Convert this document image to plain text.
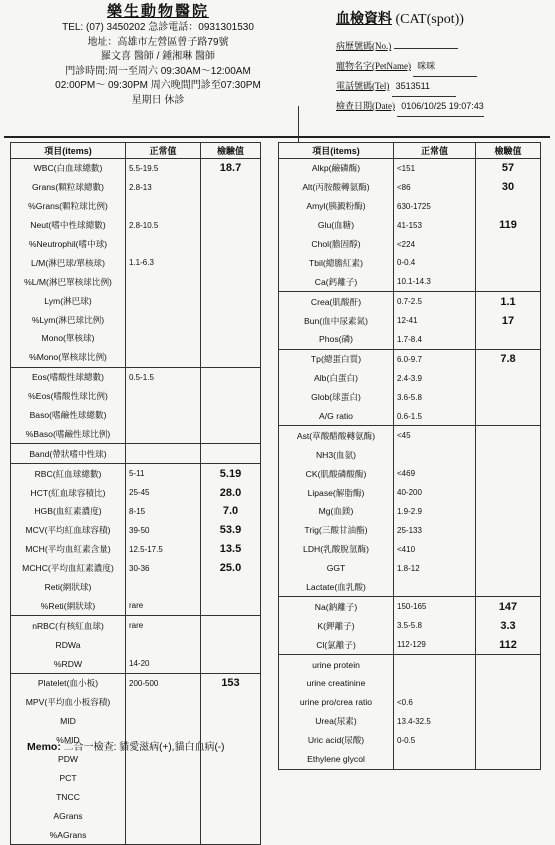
樂生動物醫院
TEL: (07) 3450202 急診電話：0931301530
地址：高雄市左營區曾子路79號
羅文喜 醫師 / 鍾湘琳 醫師
門診時間:周一至周六 09:30AM～12:00AM
02:00PM～ 09:30PM 周六晚間門診至07:30PM
星期日 休診
血檢資料 (CAT(spot))
病歷號碼(No.)
寵物名字(PetName) 咪咪
電話號碼(Tel) 3513511
檢查日期(Date) 0106/10/25 19:07:43
項目(items)	正常值	檢驗值
WBC(白血球總數)	5.5-19.5	18.7
Grans(顆粒球總數)	2.8-13	
%Grans(顆粒球比例)		
Neut(嗜中性球總數)	2.8-10.5	
%Neutrophil(嗜中球)		
L/M(淋巴球/單核球)	1.1-6.3	
%L/M(淋巴單核球比例)		
Lym(淋巴球)		
%Lym(淋巴球比例)		
Mono(單核球)		
%Mono(單核球比例)		
Eos(嗜酸性球總數)	0.5-1.5	
%Eos(嗜酸性球比例)		
Baso(嗜鹼性球總數)		
%Baso(嗜鹼性球比例)		
Band(帶狀嗜中性球)		
RBC(紅血球總數)	5-11	5.19
HCT(紅血球容積比)	25-45	28.0
HGB(血紅素濃度)	8-15	7.0
MCV(平均紅血球容積)	39-50	53.9
MCH(平均血紅素含量)	12.5-17.5	13.5
MCHC(平均血紅素濃度)	30-36	25.0
Reti(網狀球)		
%Reti(網狀球)	rare	
nRBC(有核紅血球)	rare	
RDWa		
%RDW	14-20	
Platelet(血小板)	200-500	153
MPV(平均血小板容積)		
MID		
%MID		
PDW		
PCT		
TNCC		
AGrans		
%AGrans		
項目(items)	正常值	檢驗值
Alkp(鹼磷酶)	<151	57
Alt(丙胺酸轉氨酶)	<86	30
Amyl(胰澱粉酶)	630-1725	
Glu(血糖)	41-153	119
Chol(膽固醇)	<224	
Tbil(總膽紅素)	0-0.4	
Ca(鈣離子)	10.1-14.3	
Crea(肌酸酐)	0.7-2.5	1.1
Bun(血中尿素氮)	12-41	17
Phos(磷)	1.7-8.4	
Tp(總蛋白質)	6.0-9.7	7.8
Alb(白蛋白)	2.4-3.9	
Glob(球蛋白)	3.6-5.8	
A/G ratio	0.6-1.5	
Ast(草酸醋酸轉氨酶)	<45	
NH3(血氨)		
CK(肌酸磷酸酶)	<469	
Lipase(解脂酶)	40-200	
Mg(血鎂)	1.9-2.9	
Trig(三酸甘油酯)	25-133	
LDH(乳酸脫氫酶)	<410	
GGT	1.8-12	
Lactate(血乳酸)		
Na(鈉離子)	150-165	147
K(鉀離子)	3.5-5.8	3.3
Cl(氯離子)	112-129	112
urine protein		
urine creatinine		
urine pro/crea ratio	<0.6	
Urea(尿素)	13.4-32.5	
Uric acid(尿酸)	0-0.5	
Ethylene glycol		
Memo: 二合一檢查: 貓愛滋病(+),貓白血病(-)
